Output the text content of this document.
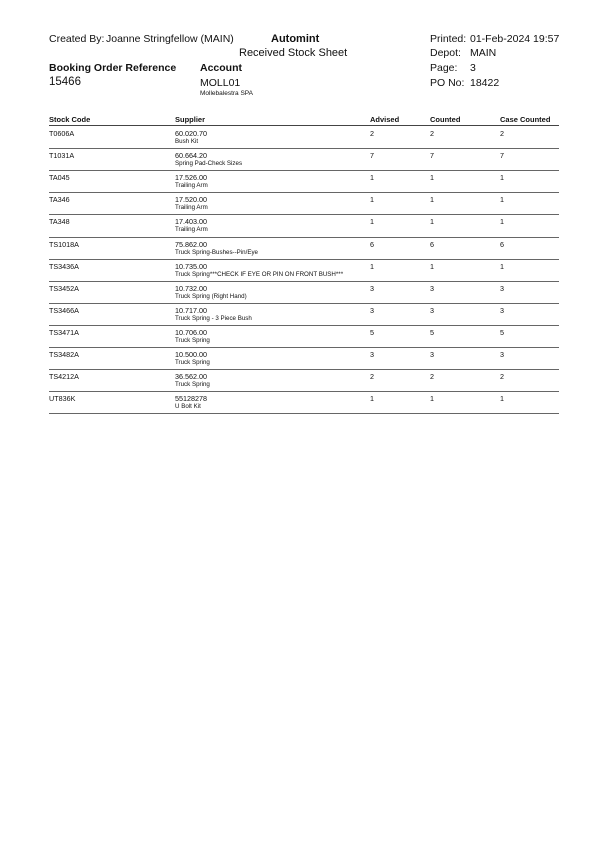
Created By: Joanne Stringfellow (MAIN)	Automint
Received Stock Sheet
Printed: 01-Feb-2024 19:57
Depot: MAIN
Booking Order Reference Account	Page: 3
15466	MOLL01	PO No: 18422
Mollebalestra SPA
Stock Code	Supplier	Advised	Counted	Case Counted
T0606A	60.020.70	2	2	2
Bush Kit
T1031A	60.664.20	7	7	7
Spring Pad-Check Sizes
TA045	17.526.00	1	1	1
Trailing Arm
TA346	17.520.00	1	1	1
Trailing Arm
TA348	17.403.00	1	1	1
Trailing Arm
TS1018A	75.862.00	6	6	6
Truck Spring-Bushes--Pin/Eye
TS3436A	10.735.00	1	1	1
Truck Spring***CHECK IF EYE OR PIN ON FRONT BUSH***
TS3452A	10.732.00	3	3	3
Truck Spring (Right Hand)
TS3466A	10.717.00	3	3	3
Truck Spring - 3 Piece Bush
TS3471A	10.706.00	5	5	5
Truck Spring
TS3482A	10.500.00	3	3	3
Truck Spring
TS4212A	36.562.00	2	2	2
Truck Spring
UT836K	55128278	1	1	1
U Bolt Kit
